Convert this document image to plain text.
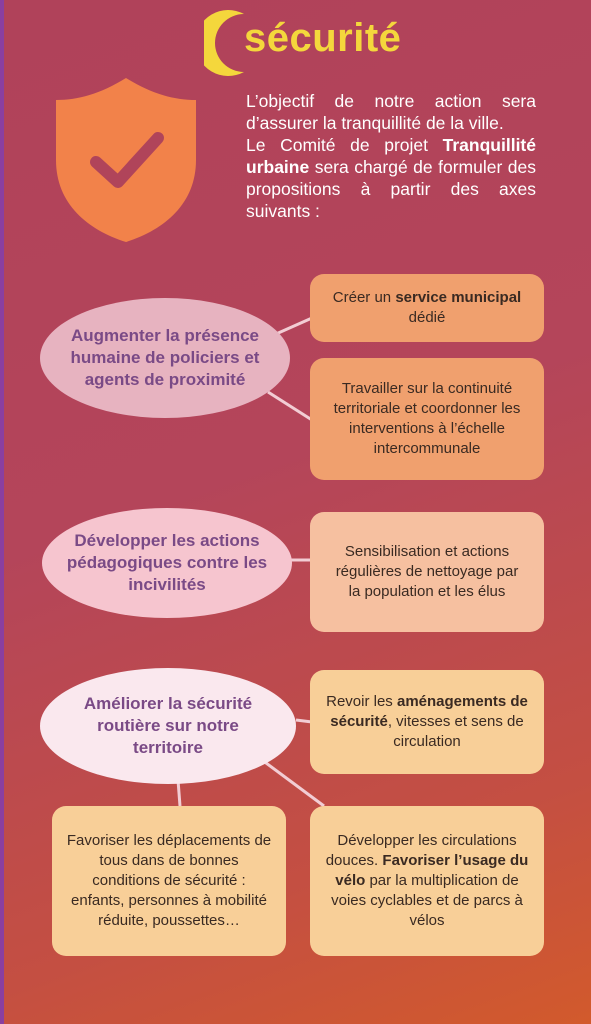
sécurité

L’objectif de notre action sera d’assurer la tranquillité de la ville.

Le Comité de projet Tranquillité urbaine sera chargé de formuler des propositions à partir des axes suivants :

Augmenter la présence humaine de policiers et agents de proximité
Développer les actions pédagogiques contre les incivilités
Améliorer la sécurité routière sur notre territoire
Créer un service municipal dédié
Travailler sur la continuité territoriale et coordonner les interventions à l’échelle intercommunale
Sensibilisation et actions régulières de nettoyage par la population et les élus
Revoir les aménagements de sécurité, vitesses et sens de circulation
Favoriser les déplacements de tous dans de bonnes conditions de sécurité : enfants, personnes à mobilité réduite, poussettes…
Développer les circulations douces. Favoriser l’usage du vélo par la multiplication de voies cyclables et de parcs à vélos
